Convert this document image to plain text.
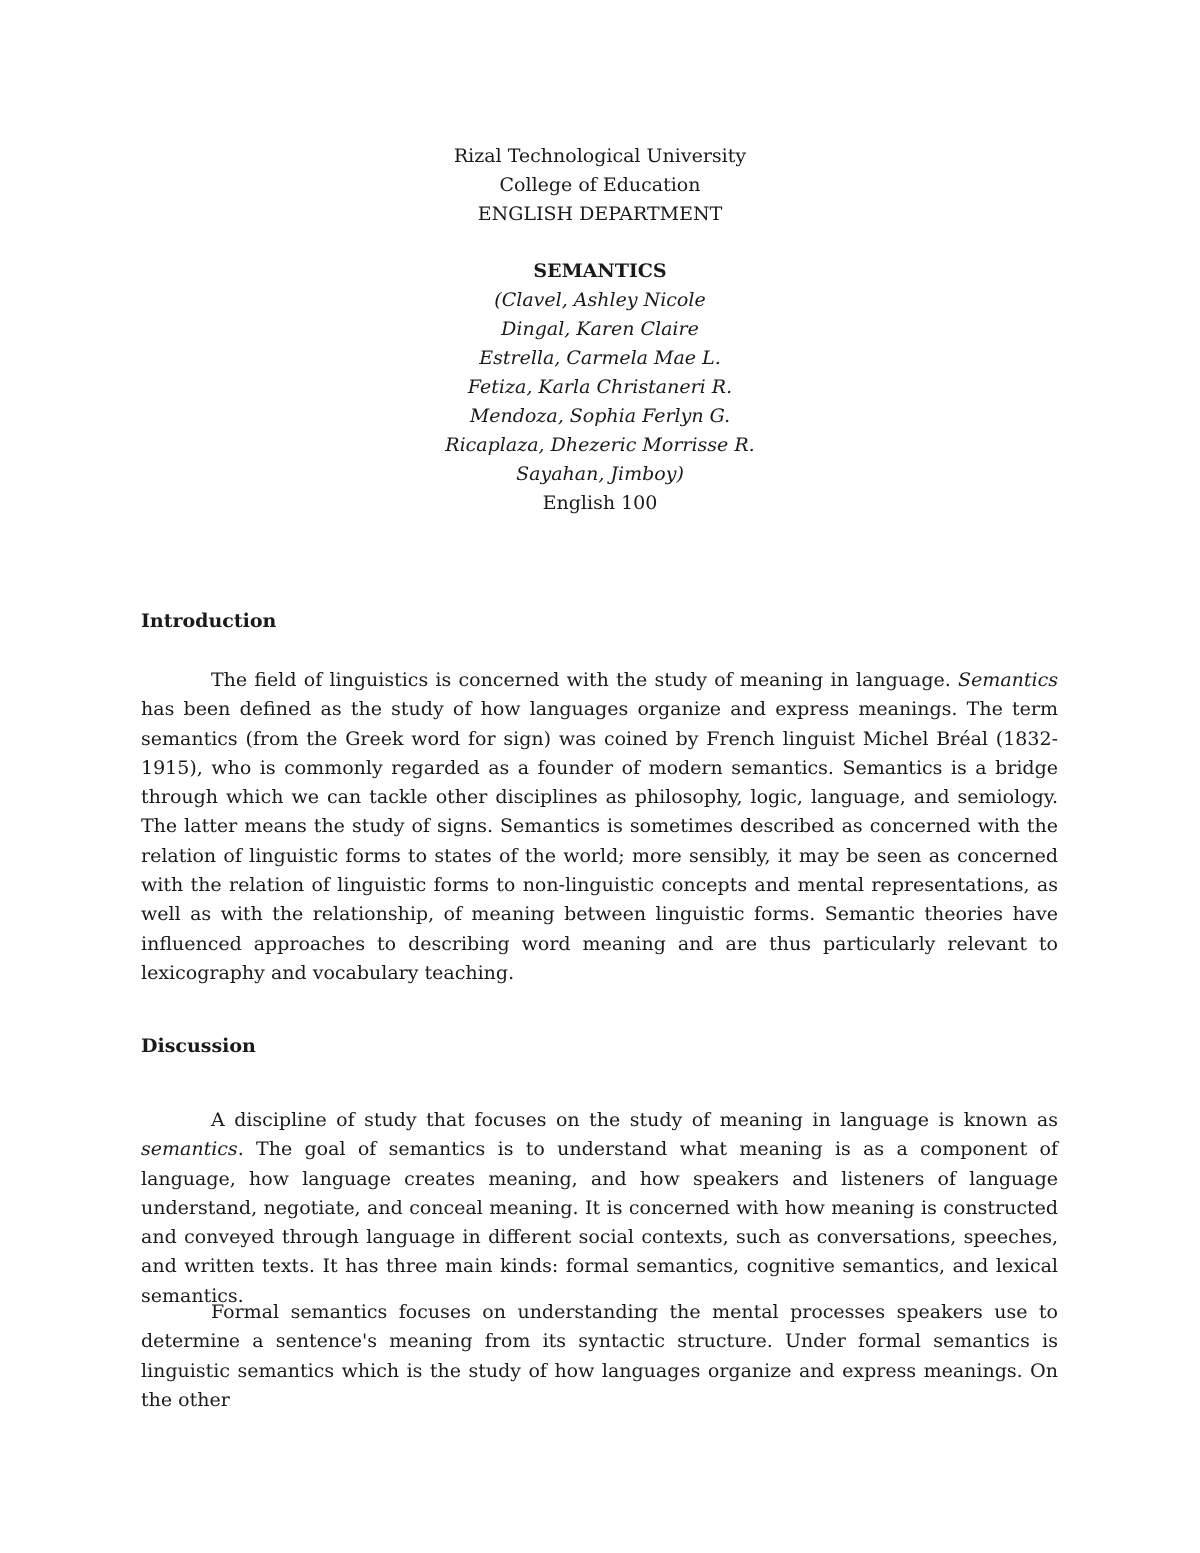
Rizal Technological University
College of Education
ENGLISH DEPARTMENT
SEMANTICS
(Clavel, Ashley Nicole
Dingal, Karen Claire
Estrella, Carmela Mae L.
Fetiza, Karla Christaneri R.
Mendoza, Sophia Ferlyn G.
Ricaplaza, Dhezeric Morrisse R.
Sayahan, Jimboy)
English 100
Introduction

The field of linguistics is concerned with the study of meaning in language. Semantics has been defined as the study of how languages organize and express meanings. The term semantics (from the Greek word for sign) was coined by French linguist Michel Bréal (1832-1915), who is commonly regarded as a founder of modern semantics. Semantics is a bridge through which we can tackle other disciplines as philosophy, logic, language, and semiology. The latter means the study of signs. Semantics is sometimes described as concerned with the relation of linguistic forms to states of the world; more sensibly, it may be seen as concerned with the relation of linguistic forms to non-linguistic concepts and mental representations, as well as with the relationship, of meaning between linguistic forms. Semantic theories have influenced approaches to describing word meaning and are thus particularly relevant to lexicography and vocabulary teaching.

Discussion

A discipline of study that focuses on the study of meaning in language is known as semantics. The goal of semantics is to understand what meaning is as a component of language, how language creates meaning, and how speakers and listeners of language understand, negotiate, and conceal meaning. It is concerned with how meaning is constructed and conveyed through language in different social contexts, such as conversations, speeches, and written texts. It has three main kinds: formal semantics, cognitive semantics, and lexical semantics.

Formal semantics focuses on understanding the mental processes speakers use to determine a sentence's meaning from its syntactic structure. Under formal semantics is linguistic semantics which is the study of how languages organize and express meanings. On the other
